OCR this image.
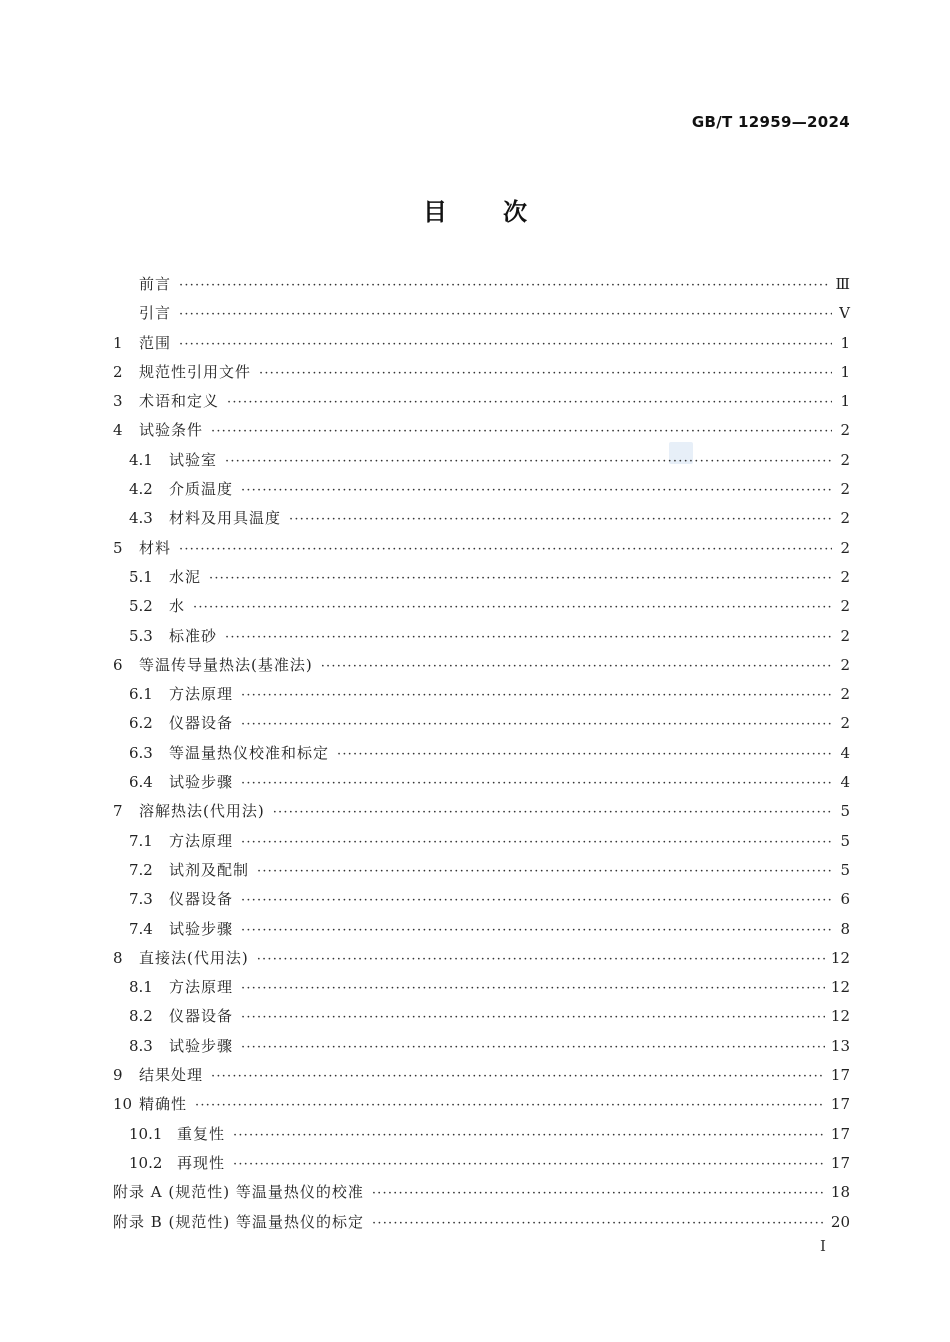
GB/T 12959—2024
目 次
前言 ·····	Ⅲ
引言 ·····	V
1	范围 ·····	1
2	规范性引用文件 ·····	1
3	术语和定义 ·····	1
4	试验条件 ·····	2
4.1	试验室 ·····	2
4.2	介质温度 ·····	2
4.3	材料及用具温度 ·····	2
5	材料 ·····	2
5.1	水泥 ·····	2
5.2	水 ·····	2
5.3	标准砂 ·····	2
6	等温传导量热法(基准法) ·····	2
6.1	方法原理 ·····	2
6.2	仪器设备 ·····	2
6.3	等温量热仪校准和标定 ·····	4
6.4	试验步骤 ·····	4
7	溶解热法(代用法) ·····	5
7.1	方法原理 ·····	5
7.2	试剂及配制 ·····	5
7.3	仪器设备 ·····	6
7.4	试验步骤 ·····	8
8	直接法(代用法) ·····	12
8.1	方法原理 ·····	12
8.2	仪器设备 ·····	12
8.3	试验步骤 ·····	13
9	结果处理 ·····	17
10 精确性 ·····	17
10.1 重复性 ·····	17
10.2 再现性 ·····	17
附录 A (规范性) 等温量热仪的校准 ·····	18
附录 B (规范性) 等温量热仪的标定 ·····	20
I
